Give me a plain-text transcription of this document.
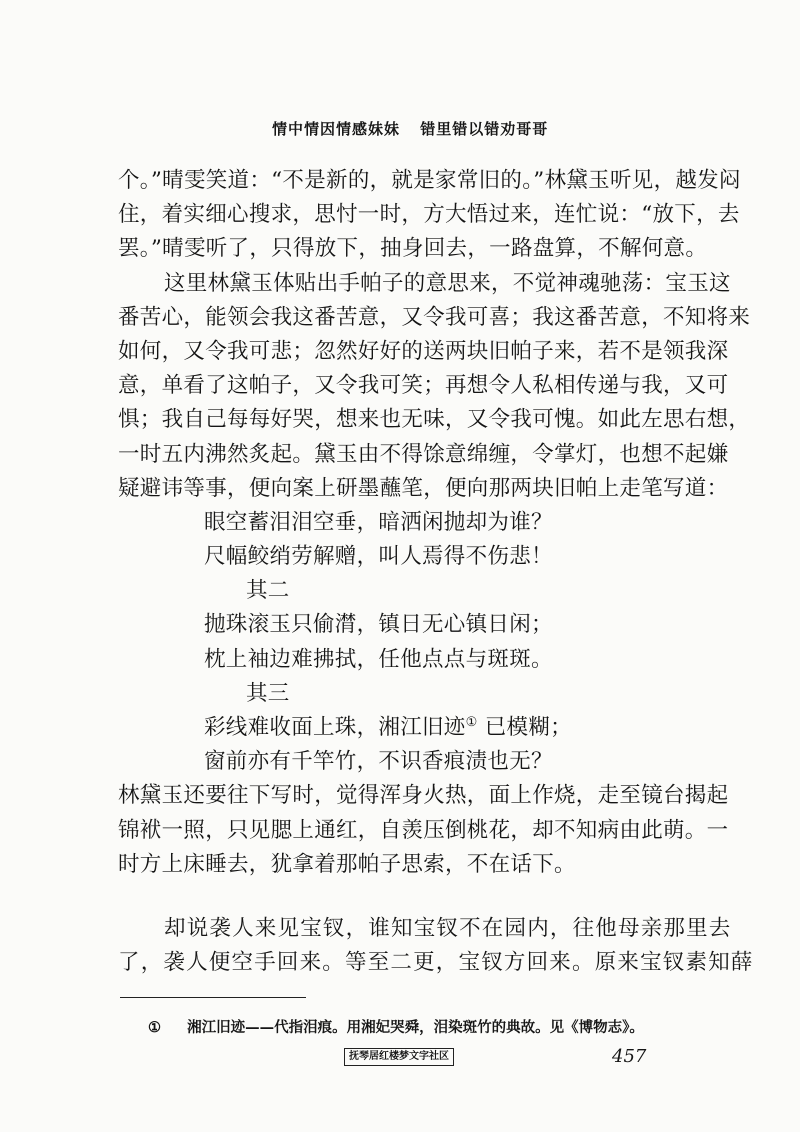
情中情因情感妹妹 错里错以错劝哥哥
个。”晴雯笑道：“不是新的，就是家常旧的。”林黛玉听见，越发闷
住，着实细心搜求，思忖一时，方大悟过来，连忙说：“放下，去
罢。”晴雯听了，只得放下，抽身回去，一路盘算，不解何意。
这里林黛玉体贴出手帕子的意思来，不觉神魂驰荡：宝玉这
番苦心，能领会我这番苦意，又令我可喜；我这番苦意，不知将来
如何，又令我可悲；忽然好好的送两块旧帕子来，若不是领我深
意，单看了这帕子，又令我可笑；再想令人私相传递与我，又可
惧；我自己每每好哭，想来也无味，又令我可愧。如此左思右想，
一时五内沸然炙起。黛玉由不得馀意绵缠，令掌灯，也想不起嫌
疑避讳等事，便向案上研墨蘸笔，便向那两块旧帕上走笔写道：
眼空蓄泪泪空垂，暗洒闲抛却为谁？
尺幅鲛绡劳解赠，叫人焉得不伤悲！
其二
抛珠滚玉只偷潸，镇日无心镇日闲；
枕上袖边难拂拭，任他点点与斑斑。
其三
彩线难收面上珠，湘江旧迹① 已模糊；
窗前亦有千竿竹，不识香痕渍也无？
林黛玉还要往下写时，觉得浑身火热，面上作烧，走至镜台揭起
锦袱一照，只见腮上通红，自羡压倒桃花，却不知病由此萌。一
时方上床睡去，犹拿着那帕子思索，不在话下。
却说袭人来见宝钗，谁知宝钗不在园内，往他母亲那里去
了，袭人便空手回来。等至二更，宝钗方回来。原来宝钗素知薛
① 湘江旧迹——代指泪痕。用湘妃哭舜，泪染斑竹的典故。见《博物志》。
抚琴居红楼梦文字社区	457
